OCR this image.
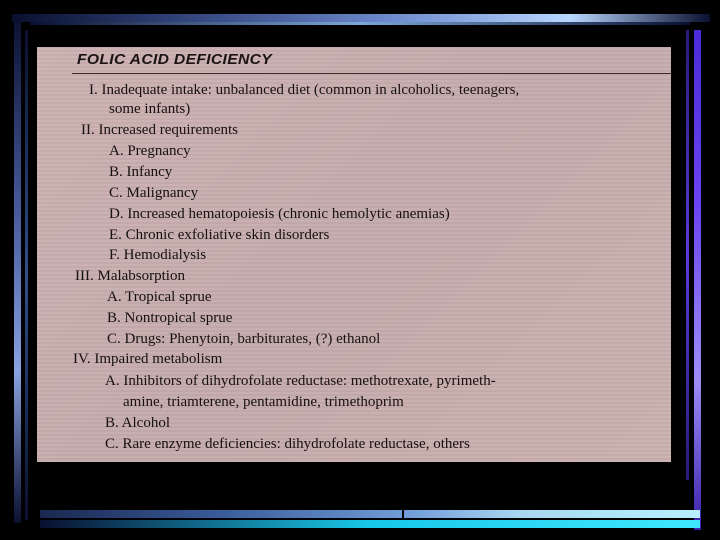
FOLIC ACID DEFICIENCY
I. Inadequate intake: unbalanced diet (common in alcoholics, teenagers,
some infants)
II. Increased requirements
A. Pregnancy
B. Infancy
C. Malignancy
D. Increased hematopoiesis (chronic hemolytic anemias)
E. Chronic exfoliative skin disorders
F. Hemodialysis
III. Malabsorption
A. Tropical sprue
B. Nontropical sprue
C. Drugs: Phenytoin, barbiturates, (?) ethanol
IV. Impaired metabolism
A. Inhibitors of dihydrofolate reductase: methotrexate, pyrimeth-
amine, triamterene, pentamidine, trimethoprim
B. Alcohol
C. Rare enzyme deficiencies: dihydrofolate reductase, others
